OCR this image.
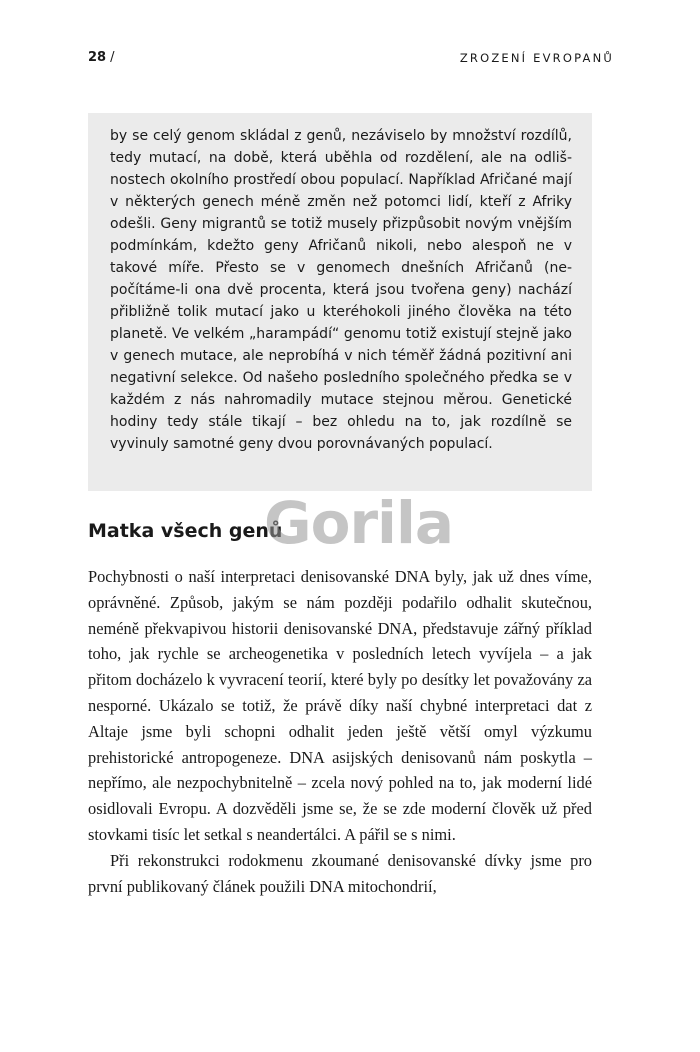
28 /	ZROZENÍ EVROPANŮ

by se celý genom skládal z genů, nezáviselo by množství rozdílů, tedy mutací, na době, která uběhla od rozdělení, ale na odlišnostech okolního prostředí obou populací. Například Afričané mají v některých genech méně změn než potomci lidí, kteří z Afriky odešli. Geny migrantů se totiž musely přizpůsobit novým vnějším podmínkám, kdežto geny Afričanů nikoli, nebo alespoň ne v takové míře. Přesto se v genomech dnešních Afričanů (nepočítáme-li ona dvě procenta, která jsou tvořena geny) nachází přibližně tolik mutací jako u kteréhokoli jiného člověka na této planetě. Ve velkém „harampádí“ genomu totiž existují stejně jako v genech mutace, ale neprobíhá v nich téměř žádná pozitivní ani negativní selekce. Od našeho posledního společného předka se v každém z nás nahromadily mutace stejnou měrou. Genetické hodiny tedy stále tikají – bez ohledu na to, jak rozdílně se vyvinuly samotné geny dvou porovnávaných populací.

Matka všech genů
Gorila

Pochybnosti o naší interpretaci denisovanské DNA byly, jak už dnes víme, oprávněné. Způsob, jakým se nám později podařilo odhalit skutečnou, neméně překvapivou historii denisovanské DNA, představuje zářný příklad toho, jak rychle se archeogenetika v posledních letech vyvíjela – a jak přitom docházelo k vyvracení teorií, které byly po desítky let považovány za nesporné. Ukázalo se totiž, že právě díky naší chybné interpretaci dat z Altaje jsme byli schopni odhalit jeden ještě větší omyl výzkumu prehistorické antropogeneze. DNA asijských denisovanů nám poskytla – nepřímo, ale nezpochybnitelně – zcela nový pohled na to, jak moderní lidé osidlovali Evropu. A dozvěděli jsme se, že se zde moderní člověk už před stovkami tisíc let setkal s neandertálci. A pářil se s nimi.

Při rekonstrukci rodokmenu zkoumané denisovanské dívky jsme pro první publikovaný článek použili DNA mitochondrií,
